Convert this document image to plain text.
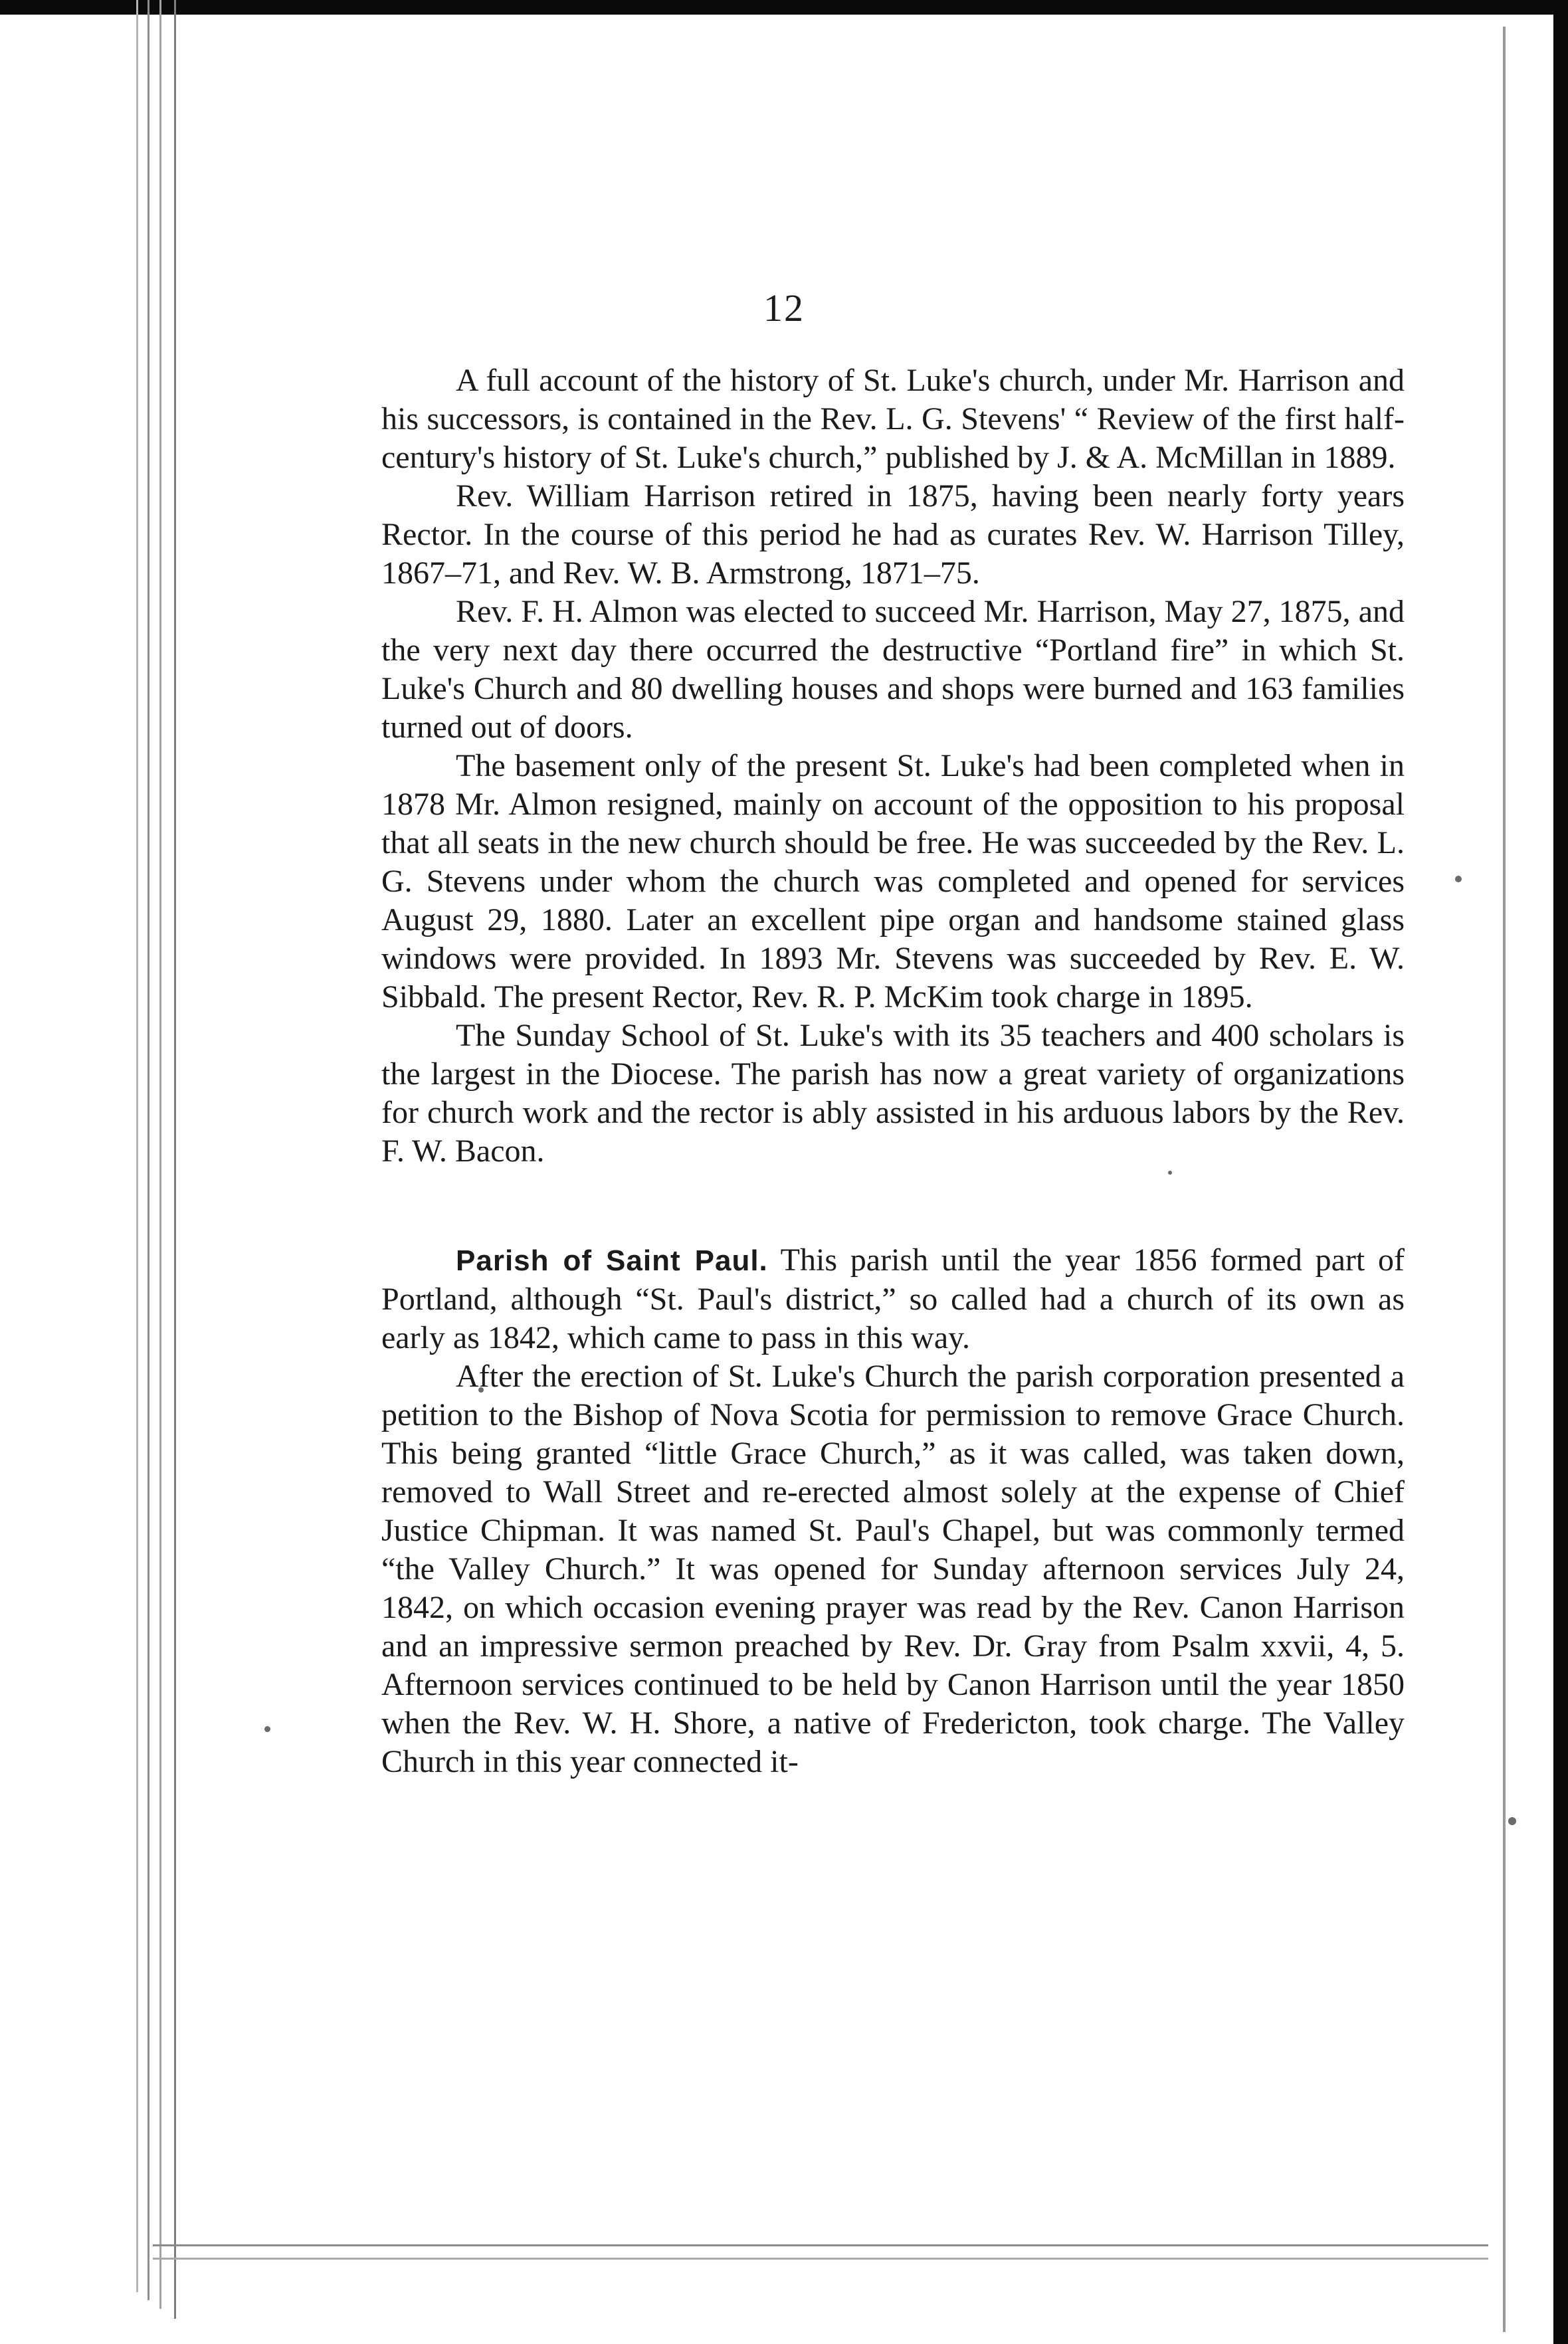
12

A full account of the history of St. Luke's church, under Mr. Harrison and his successors, is contained in the Rev. L. G. Stevens' “ Review of the first half-century's history of St. Luke's church,” published by J. & A. McMillan in 1889.

Rev. William Harrison retired in 1875, having been nearly forty years Rector. In the course of this period he had as curates Rev. W. Harrison Tilley, 1867–71, and Rev. W. B. Armstrong, 1871–75.

Rev. F. H. Almon was elected to succeed Mr. Harrison, May 27, 1875, and the very next day there occurred the destructive “Portland fire” in which St. Luke's Church and 80 dwelling houses and shops were burned and 163 families turned out of doors.

The basement only of the present St. Luke's had been completed when in 1878 Mr. Almon resigned, mainly on account of the opposition to his proposal that all seats in the new church should be free. He was succeeded by the Rev. L. G. Stevens under whom the church was completed and opened for services August 29, 1880. Later an excellent pipe organ and handsome stained glass windows were provided. In 1893 Mr. Stevens was succeeded by Rev. E. W. Sibbald. The present Rector, Rev. R. P. McKim took charge in 1895.

The Sunday School of St. Luke's with its 35 teachers and 400 scholars is the largest in the Diocese. The parish has now a great variety of organizations for church work and the rector is ably assisted in his arduous labors by the Rev. F. W. Bacon.

Parish of Saint Paul. This parish until the year 1856 formed part of Portland, although “St. Paul's district,” so called had a church of its own as early as 1842, which came to pass in this way.

After the erection of St. Luke's Church the parish corporation presented a petition to the Bishop of Nova Scotia for permission to remove Grace Church. This being granted “little Grace Church,” as it was called, was taken down, removed to Wall Street and re-erected almost solely at the expense of Chief Justice Chipman. It was named St. Paul's Chapel, but was commonly termed “the Valley Church.” It was opened for Sunday afternoon services July 24, 1842, on which occasion evening prayer was read by the Rev. Canon Harrison and an impressive sermon preached by Rev. Dr. Gray from Psalm xxvii, 4, 5. Afternoon services continued to be held by Canon Harrison until the year 1850 when the Rev. W. H. Shore, a native of Fredericton, took charge. The Valley Church in this year connected it-
